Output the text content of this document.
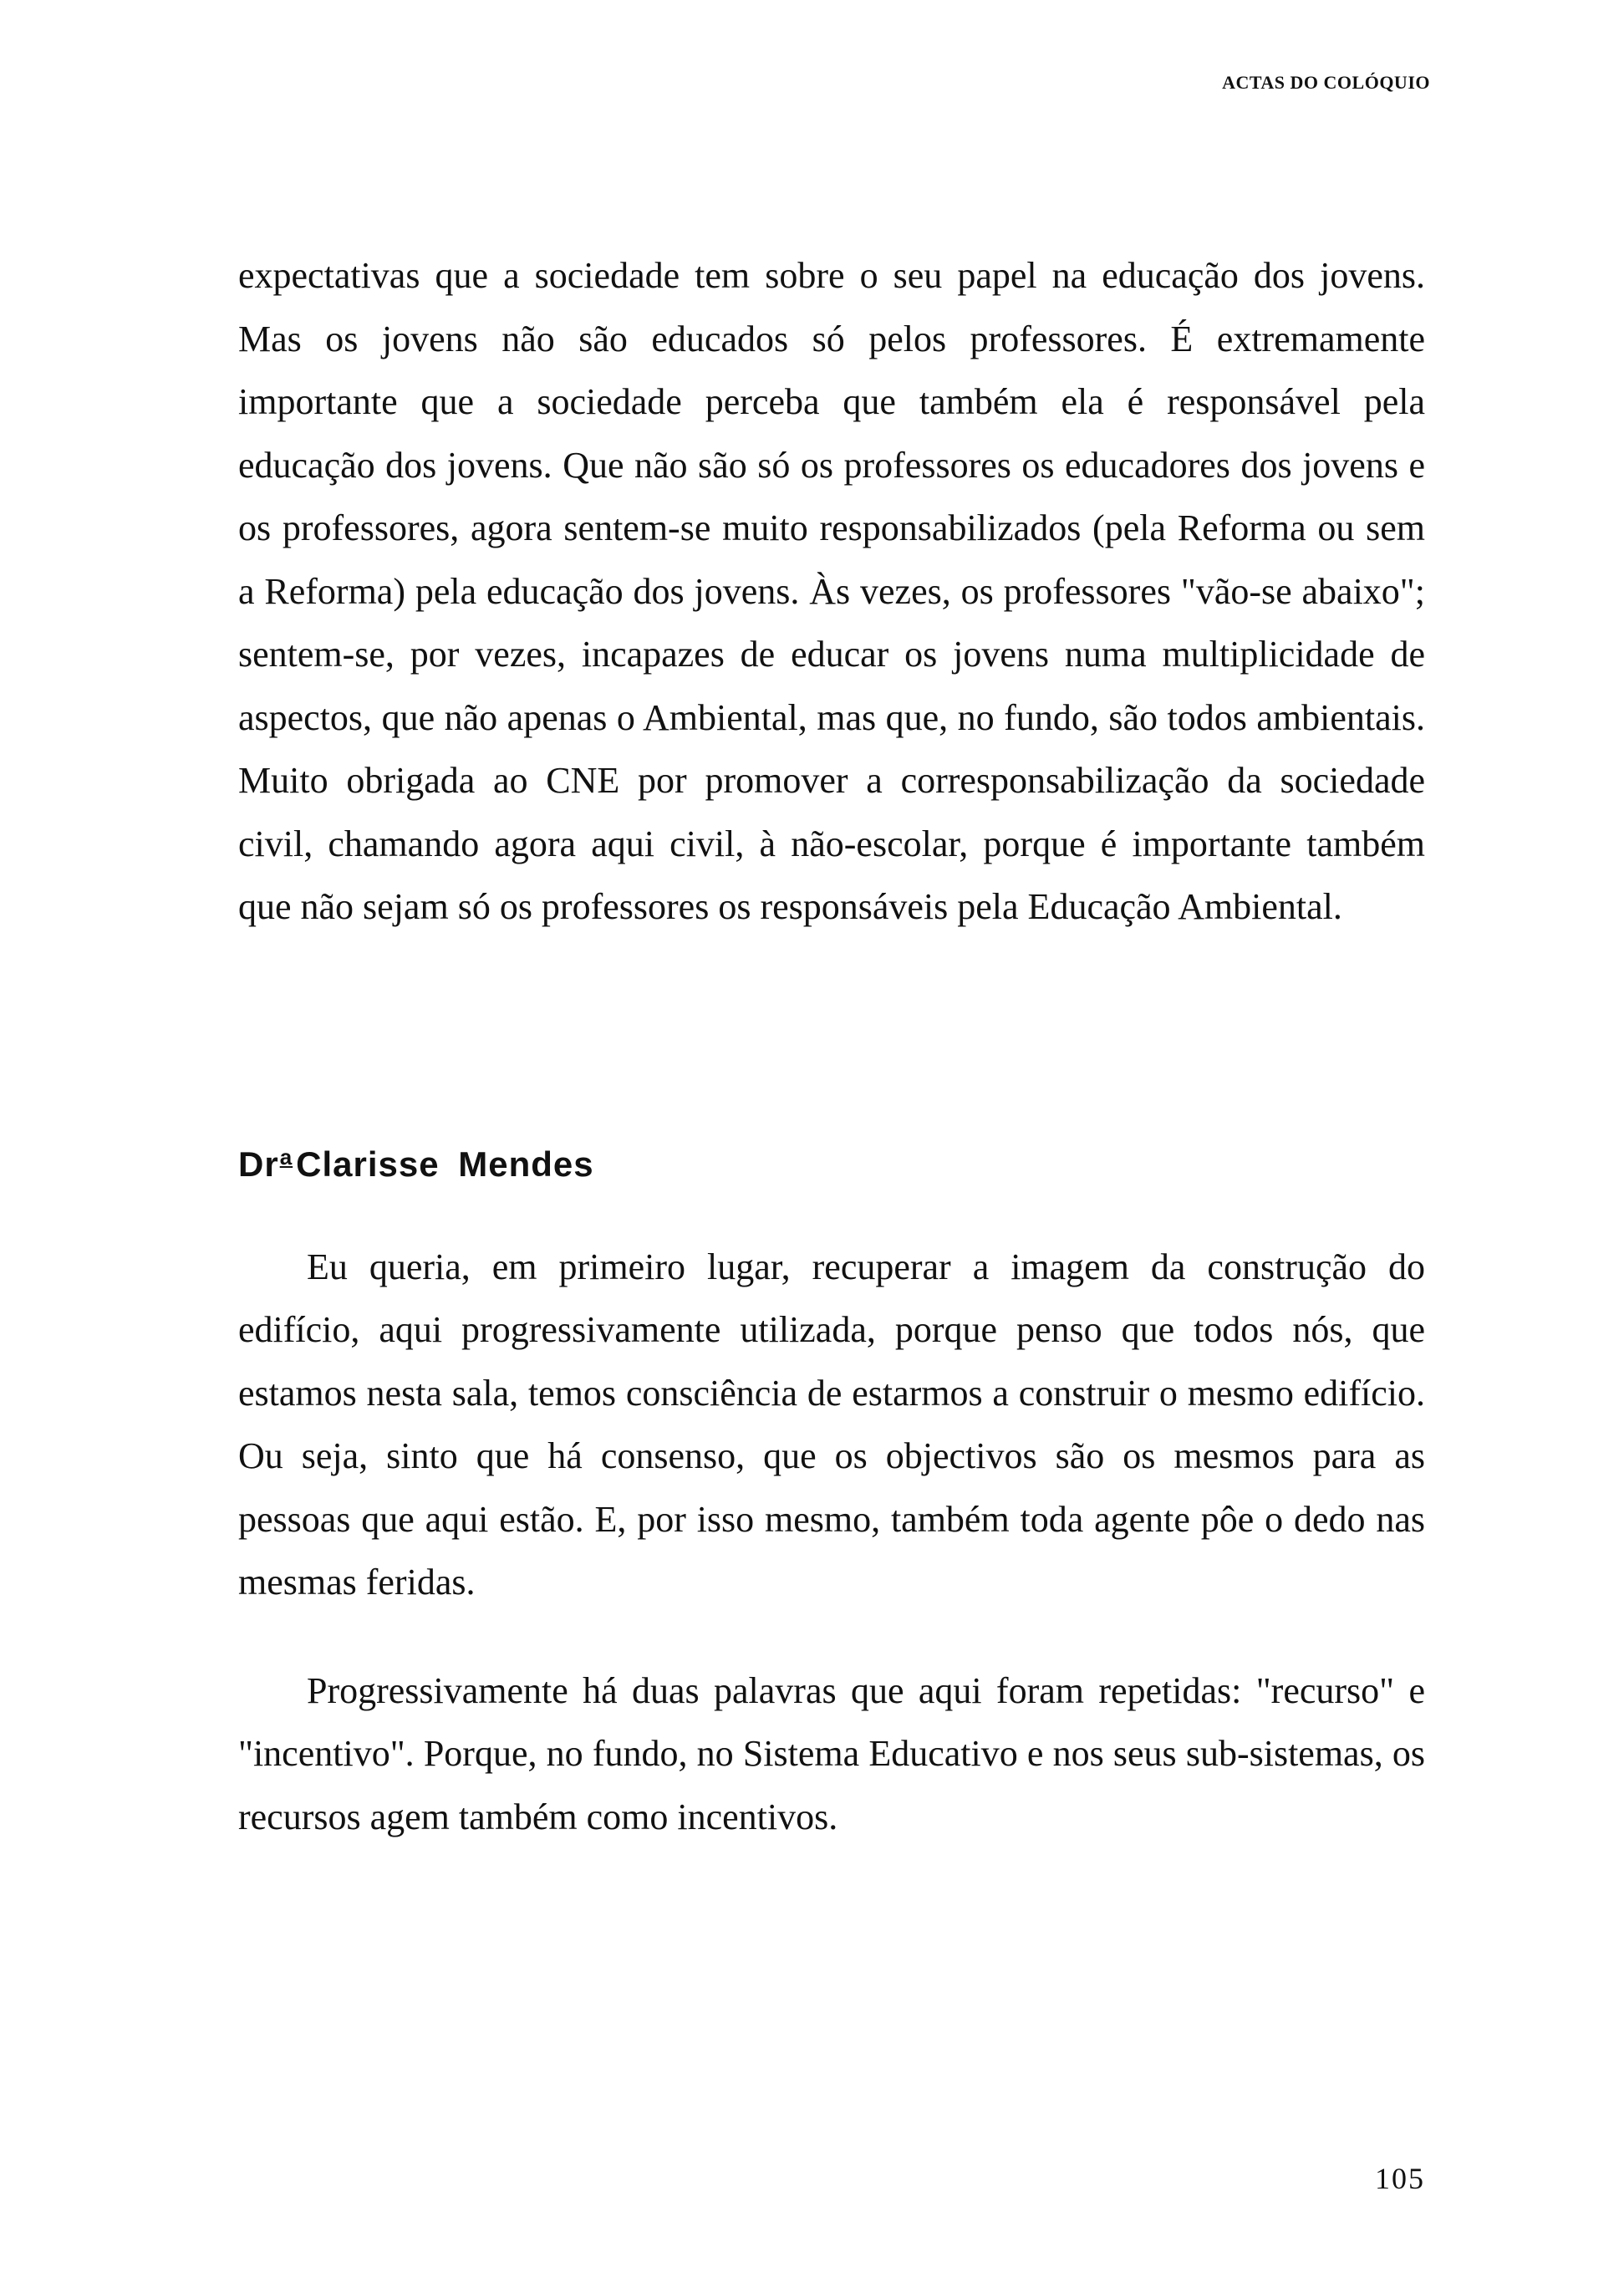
ACTAS DO COLÓQUIO

expectativas que a sociedade tem sobre o seu papel na educação dos jovens. Mas os jovens não são educados só pelos professores. É extremamente importante que a sociedade perceba que também ela é responsável pela educação dos jovens. Que não são só os professores os educadores dos jovens e os professores, agora sentem-se muito responsabilizados (pela Reforma ou sem a Reforma) pela educação dos jovens. Às vezes, os professores "vão-se abaixo"; sentem-se, por vezes, incapazes de educar os jovens numa multiplicidade de aspectos, que não apenas o Ambiental, mas que, no fundo, são todos ambientais. Muito obrigada ao CNE por promover a corresponsabilização da sociedade civil, chamando agora aqui civil, à não-escolar, porque é importante também que não sejam só os professores os responsáveis pela Educação Ambiental.

Dr$^a$Clarisse Mendes

Eu queria, em primeiro lugar, recuperar a imagem da construção do edifício, aqui progressivamente utilizada, porque penso que todos nós, que estamos nesta sala, temos consciência de estarmos a construir o mesmo edifício. Ou seja, sinto que há consenso, que os objectivos são os mesmos para as pessoas que aqui estão. E, por isso mesmo, também toda agente pôe o dedo nas mesmas feridas.

Progressivamente há duas palavras que aqui foram repetidas: "recurso" e "incentivo". Porque, no fundo, no Sistema Educativo e nos seus sub-sistemas, os recursos agem também como incentivos.

105
